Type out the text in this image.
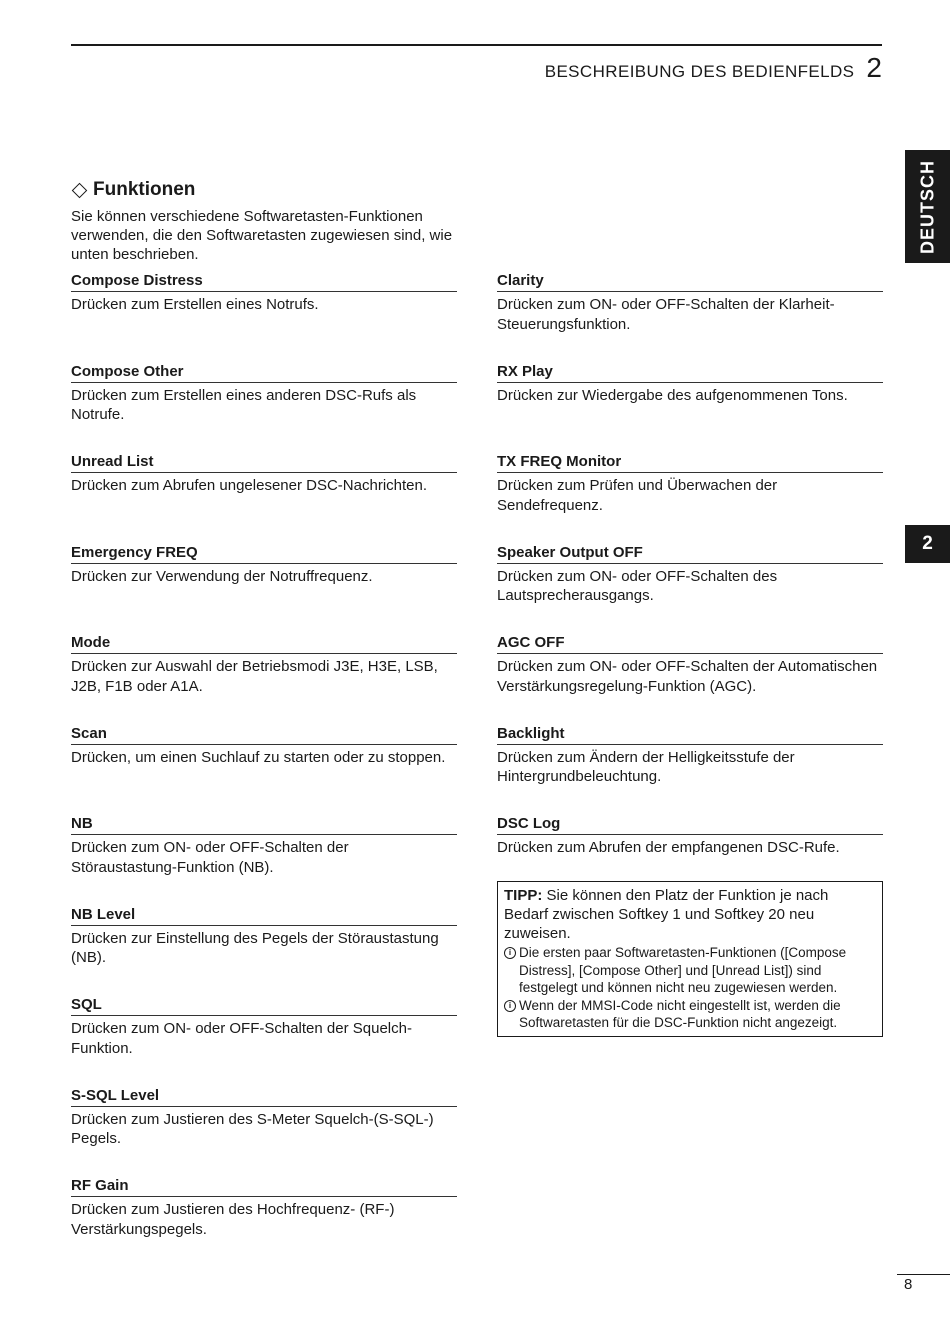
BESCHREIBUNG DES BEDIENFELDS 2
DEUTSCH
2
Funktionen

Sie können verschiedene Softwaretasten-Funktionen verwenden, die den Softwaretasten zugewiesen sind, wie unten beschrieben.

Compose Distress
Drücken zum Erstellen eines Notrufs.
Compose Other
Drücken zum Erstellen eines anderen DSC-Rufs als Notrufe.
Unread List
Drücken zum Abrufen ungelesener DSC-Nachrichten.
Emergency FREQ
Drücken zur Verwendung der Notruffrequenz.
Mode
Drücken zur Auswahl der Betriebsmodi J3E, H3E, LSB, J2B, F1B oder A1A.
Scan
Drücken, um einen Suchlauf zu starten oder zu stoppen.
NB
Drücken zum ON- oder OFF-Schalten der Störaustastung-Funktion (NB).
NB Level
Drücken zur Einstellung des Pegels der Störaustastung (NB).
SQL
Drücken zum ON- oder OFF-Schalten der Squelch-Funktion.
S-SQL Level
Drücken zum Justieren des S-Meter Squelch-(S-SQL-) Pegels.
RF Gain
Drücken zum Justieren des Hochfrequenz- (RF-) Verstärkungspegels.
Clarity
Drücken zum ON- oder OFF-Schalten der Klarheit-Steuerungsfunktion.
RX Play
Drücken zur Wiedergabe des aufgenommenen Tons.
TX FREQ Monitor
Drücken zum Prüfen und Überwachen der Sendefrequenz.
Speaker Output OFF
Drücken zum ON- oder OFF-Schalten des Lautsprecherausgangs.
AGC OFF
Drücken zum ON- oder OFF-Schalten der Automatischen Verstärkungsregelung-Funktion (AGC).
Backlight
Drücken zum Ändern der Helligkeitsstufe der Hintergrundbeleuchtung.
DSC Log
Drücken zum Abrufen der empfangenen DSC-Rufe.

TIPP: Sie können den Platz der Funktion je nach Bedarf zwischen Softkey 1 und Softkey 20 neu zuweisen.

i Die ersten paar Softwaretasten-Funktionen ([Compose Distress], [Compose Other] und [Unread List]) sind festgelegt und können nicht neu zugewiesen werden.
i Wenn der MMSI-Code nicht eingestellt ist, werden die Softwaretasten für die DSC-Funktion nicht angezeigt.
8
